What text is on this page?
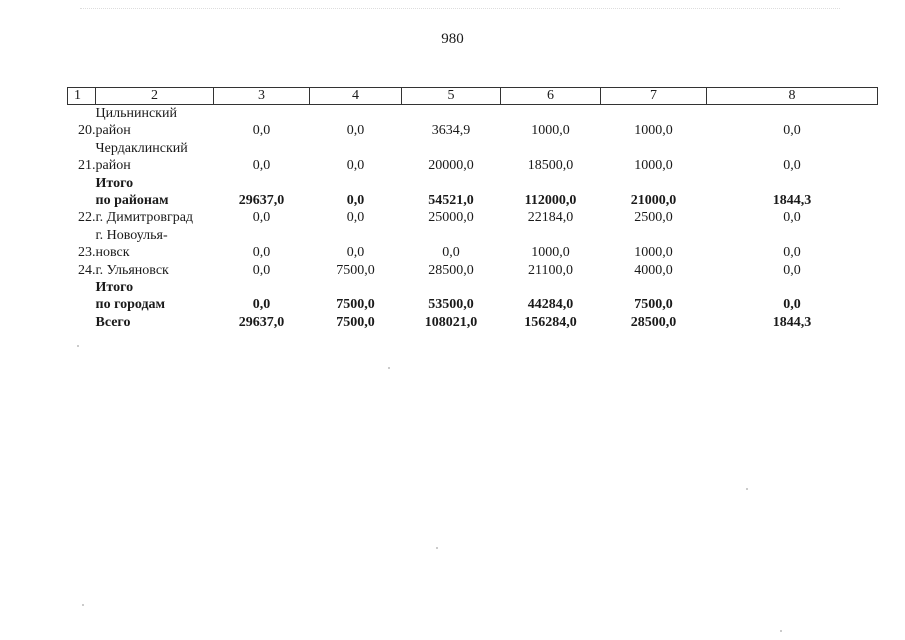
980
1	2	3	4	5	6	7	8
20.	Цильнинский
район	0,0	0,0	3634,9	1000,0	1000,0	0,0
21.	Чердаклинский
район	0,0	0,0	20000,0	18500,0	1000,0	0,0

	Итого
по районам	29637,0	0,0	54521,0	112000,0	21000,0	1844,3
22.	г. Димитровград	0,0	0,0	25000,0	22184,0	2500,0	0,0
23.	г. Новоулья-
новск	0,0	0,0	0,0	1000,0	1000,0	0,0
24.	г. Ульяновск	0,0	7500,0	28500,0	21100,0	4000,0	0,0

	Итого
по городам	0,0	7500,0	53500,0	44284,0	7500,0	0,0

	Всего	29637,0	7500,0	108021,0	156284,0	28500,0	1844,3
